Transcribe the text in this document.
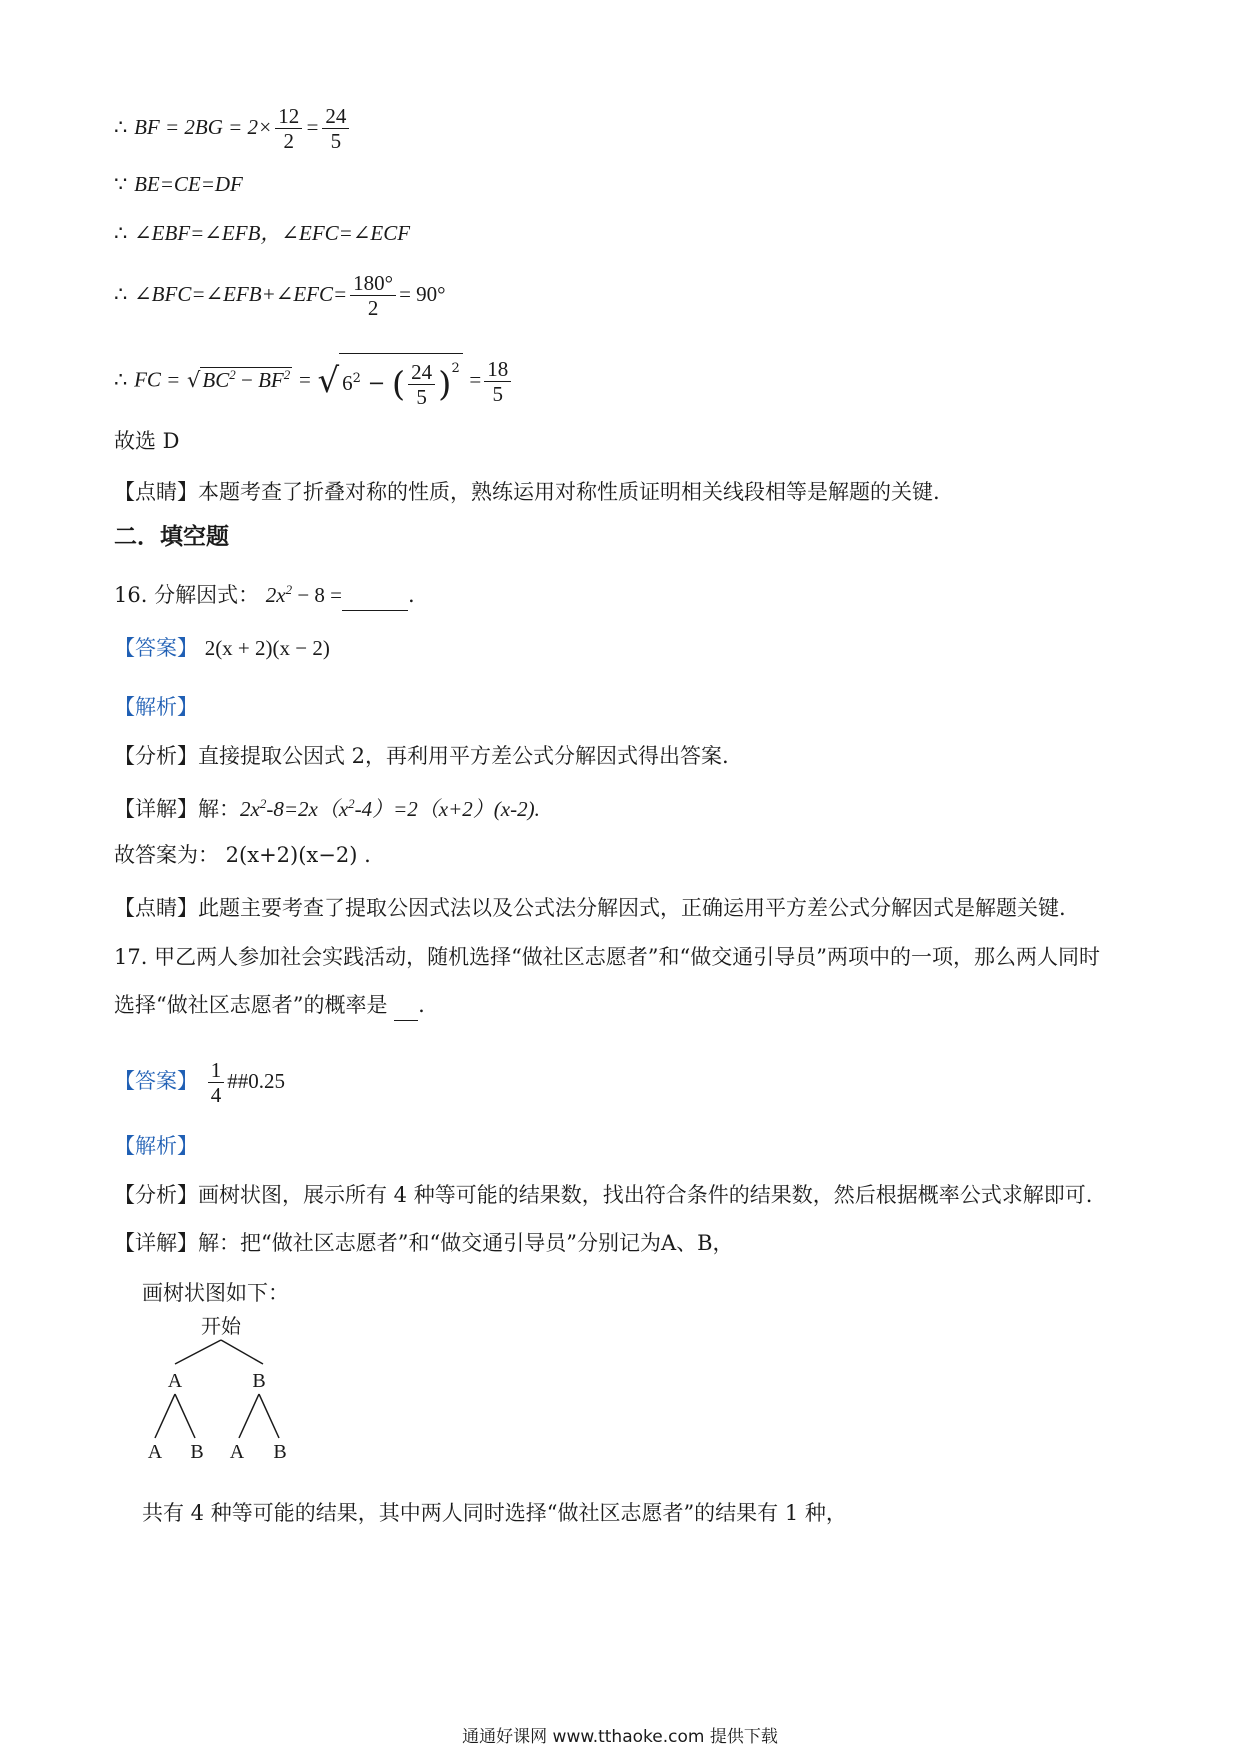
∴ BF = $2BG = 2\times \frac{12}{2} = \frac{24}{5}$
∵ BE=CE=DF
∴ ∠EBF=∠EFB，∠EFC=∠ECF
∴ ∠BFC=∠EFB+∠EFC= $\frac{180^\circ}{2} = 90^\circ$
∴ FC = $√BC^2 - BF^2$ = √ $6^2$ − ( $\frac{24}{5} )^2 = \frac{18}{5}$
故选 D
【点睛】本题考查了折叠对称的性质，熟练运用对称性质证明相关线段相等是解题的关键.
二．填空题
16. 分解因式： $2x^2 - 8$ =	.
【答案】 2(x + 2)(x − 2)
【解析】
【分析】直接提取公因式 2，再利用平方差公式分解因式得出答案.
【详解】解：$2x^2-8=2x(x^2-4)=2(x+2)(x-2)$.
故答案为： 2(x+2)(x−2) .
【点睛】此题主要考查了提取公因式法以及公式法分解因式，正确运用平方差公式分解因式是解题关键.
17. 甲乙两人参加社会实践活动，随机选择“做社区志愿者”和“做交通引导员”两项中的一项，那么两人同时
选择“做社区志愿者”的概率是 .
【答案】 $\frac{1}{4}$ ##0.25
【解析】
【分析】画树状图，展示所有 4 种等可能的结果数，找出符合条件的结果数，然后根据概率公式求解即可.
【详解】解：把“做社区志愿者”和“做交通引导员”分别记为A、B，
画树状图如下：
开始
A	B
A B A B
共有 4 种等可能的结果，其中两人同时选择“做社区志愿者”的结果有 1 种，
通通好课网 www.tthaoke.com 提供下载
